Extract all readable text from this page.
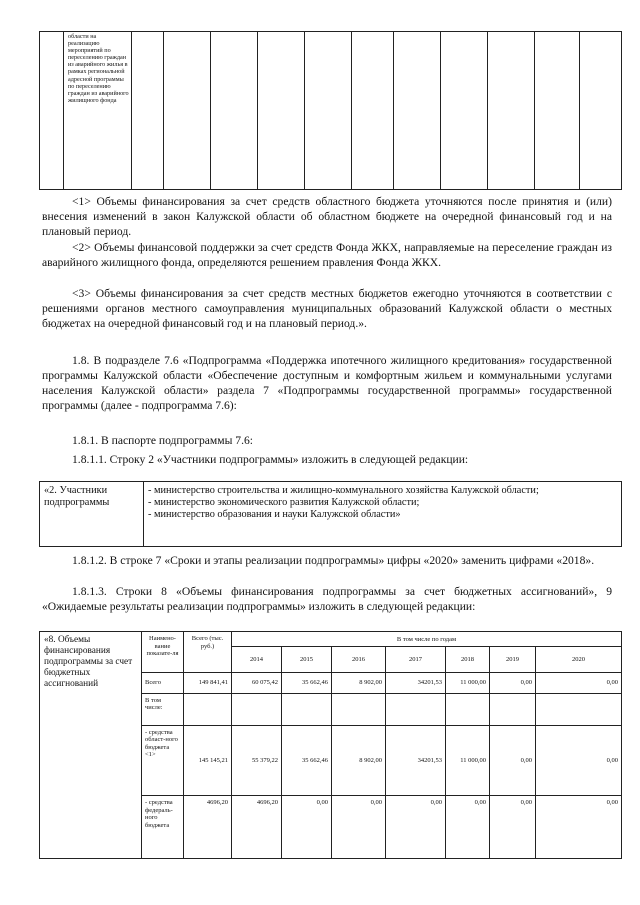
	области на реализацию мероприятий по переселению граждан из аварийного жилья в рамках региональной адресной программы по переселению граждан из аварийного жилищного фонда											
<1> Объемы финансирования за счет средств областного бюджета уточняются после принятия и (или) внесения изменений в закон Калужской области об областном бюджете на очередной финансовый год и на плановый период.
<2> Объемы финансовой поддержки за счет средств Фонда ЖКХ, направляемые на переселение граждан из аварийного жилищного фонда, определяются решением правления Фонда ЖКХ.
<3> Объемы финансирования за счет средств местных бюджетов ежегодно уточняются в соответствии с решениями органов местного самоуправления муниципальных образований Калужской области о местных бюджетах на очередной финансовый год и на плановый период.».
1.8. В подразделе 7.6 «Подпрограмма «Поддержка ипотечного жилищного кредитования» государственной программы Калужской области «Обеспечение доступным и комфортным жильем и коммунальными услугами населения Калужской области» раздела 7 «Подпрограммы государственной программы» государственной программы (далее - подпрограмма 7.6):
1.8.1. В паспорте подпрограммы 7.6:
1.8.1.1. Строку 2 «Участники подпрограммы» изложить в следующей редакции:
«2. Участники подпрограммы	
- министерство строительства и жилищно-коммунального хозяйства Калужской области;
- министерство экономического развития Калужской области;
- министерство образования и науки Калужской области»
1.8.1.2. В строке 7 «Сроки и этапы реализации подпрограммы» цифры «2020» заменить цифрами «2018».
1.8.1.3. Строки 8 «Объемы финансирования подпрограммы за счет бюджетных ассигнований», 9 «Ожидаемые результаты реализации подпрограммы» изложить в следующей редакции:
«8. Объемы финансирования подпрограммы за счет бюджетных ассигнований	Наимено-вание показате-ля	Всего (тыс. руб.)	В том числе по годам						
			2014	2015	2016	2017	2018	2019	2020
	Всего	149 841,41	60 075,42	35 662,46	8 902,00	34201,53	11 000,00	0,00	0,00
	В том числе:								
	- средства област-ного бюджета <1>	145 145,21	55 379,22	35 662,46	8 902,00	34201,53	11 000,00	0,00	0,00
	- средства федераль-ного бюджета	4696,20	4696,20	0,00	0,00	0,00	0,00	0,00	0,00
